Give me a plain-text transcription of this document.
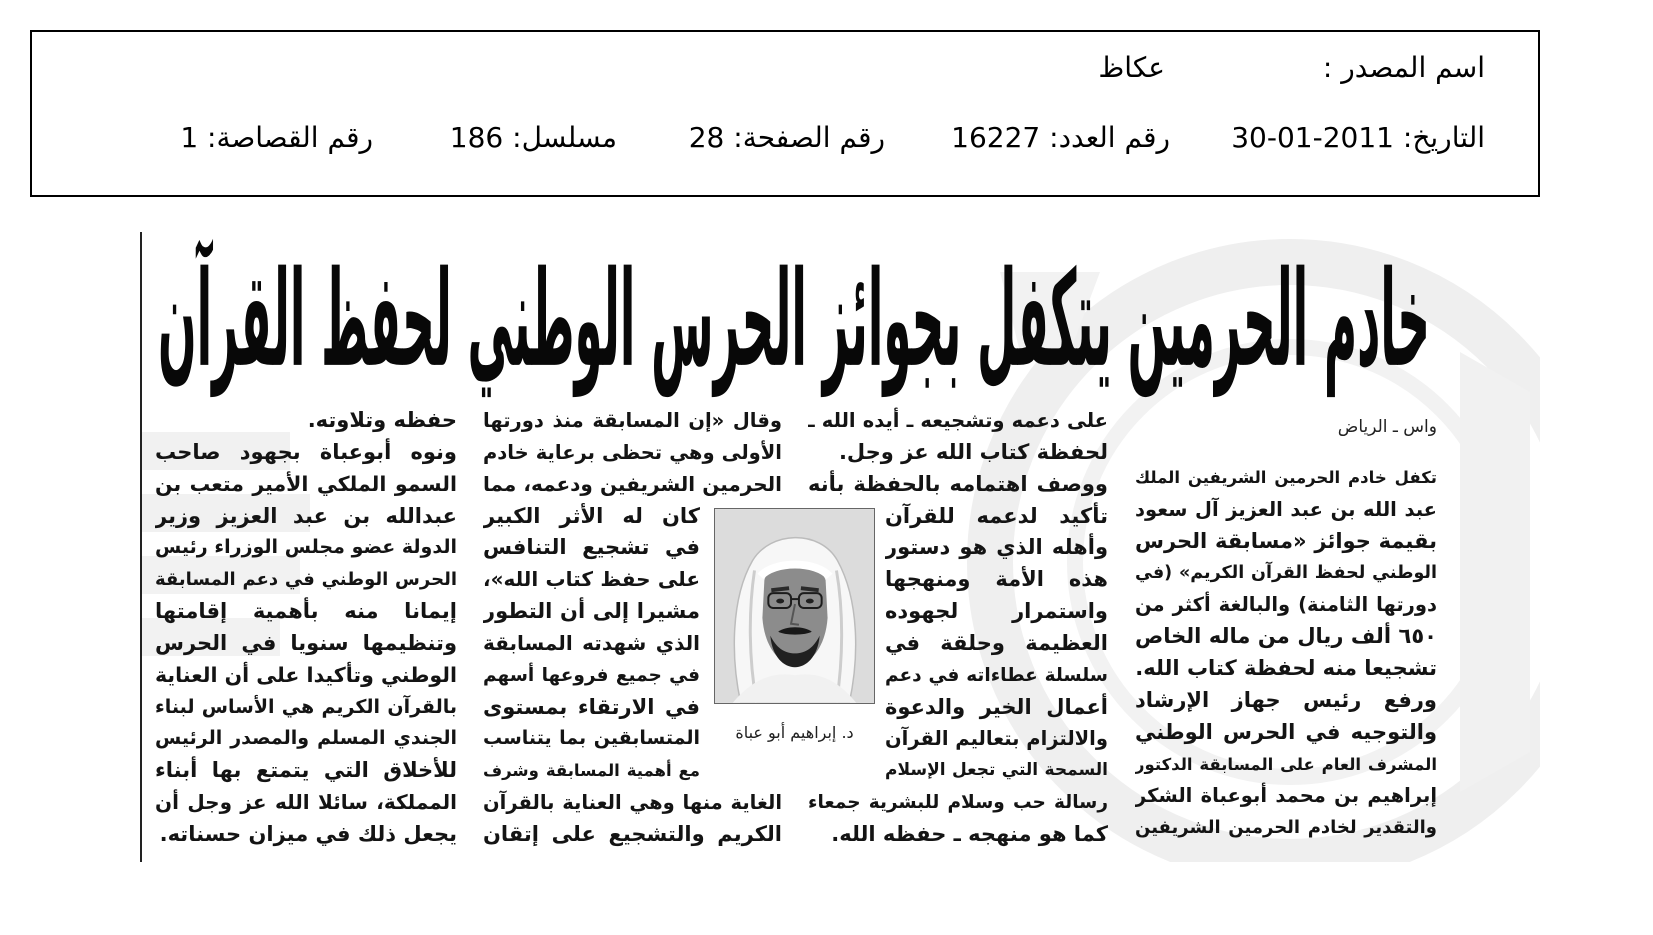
اسم المصدر :
عكاظ
التاريخ: 2011-01-30
رقم العدد: 16227
رقم الصفحة: 28
مسلسل: 186
رقم القصاصة: 1
خادم الحرمين يتكفل بجوائز الحرس الوطني لحفظ القرآن
واس ـ الرياض
تكفل خادم الحرمين الشريفين الملك
عبد الله بن عبد العزيز آل سعود
بقيمة جوائز «مسابقة الحرس
الوطني لحفظ القرآن الكريم» (في
دورتها الثامنة) والبالغة أكثر من
٦٥٠ ألف ريال من ماله الخاص
تشجيعا منه لحفظة كتاب الله.
ورفع رئيس جهاز الإرشاد
والتوجيه في الحرس الوطني
المشرف العام على المسابقة الدكتور
إبراهيم بن محمد أبوعباة الشكر
والتقدير لخادم الحرمين الشريفين
على دعمه وتشجيعه ـ أيده الله ـ
لحفظة كتاب الله عز وجل.
ووصف اهتمامه بالحفظة بأنه
تأكيد لدعمه للقرآن
وأهله الذي هو دستور
هذه الأمة ومنهجها
واستمرار لجهوده
العظيمة وحلقة في
سلسلة عطاءاته في دعم
أعمال الخير والدعوة
والالتزام بتعاليم القرآن
السمحة التي تجعل الإسلام
رسالة حب وسلام للبشرية جمعاء
كما هو منهجه ـ حفظه الله.
وقال «إن المسابقة منذ دورتها
الأولى وهي تحظى برعاية خادم
الحرمين الشريفين ودعمه، مما
كان له الأثر الكبير
في تشجيع التنافس
على حفظ كتاب الله»،
مشيرا إلى أن التطور
الذي شهدته المسابقة
في جميع فروعها أسهم
في الارتقاء بمستوى
المتسابقين بما يتناسب
مع أهمية المسابقة وشرف
الغاية منها وهي العناية بالقرآن
الكريم والتشجيع على إتقان
حفظه وتلاوته.
ونوه أبوعباة بجهود صاحب
السمو الملكي الأمير متعب بن
عبدالله بن عبد العزيز وزير
الدولة عضو مجلس الوزراء رئيس
الحرس الوطني في دعم المسابقة
إيمانا منه بأهمية إقامتها
وتنظيمها سنويا في الحرس
الوطني وتأكيدا على أن العناية
بالقرآن الكريم هي الأساس لبناء
الجندي المسلم والمصدر الرئيس
للأخلاق التي يتمتع بها أبناء
المملكة، سائلا الله عز وجل أن
يجعل ذلك في ميزان حسناته.
د. إبراهيم أبو عباة
